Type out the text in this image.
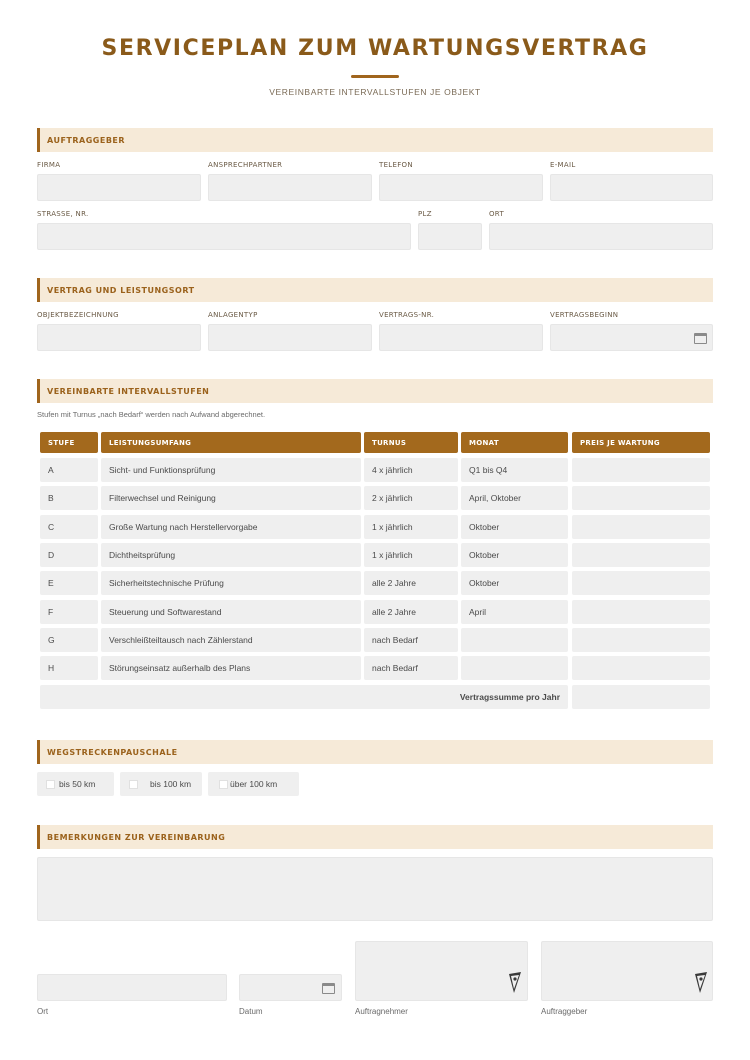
SERVICEPLAN ZUM WARTUNGSVERTRAG
VEREINBARTE INTERVALLSTUFEN JE OBJEKT
AUFTRAGGEBER
FIRMA	ANSPRECHPARTNER	TELEFON	E-MAIL
STRASSE, NR.	PLZ	ORT
VERTRAG UND LEISTUNGSORT
OBJEKTBEZEICHNUNG	ANLAGENTYP	VERTRAGS-NR.	VERTRAGSBEGINN
VEREINBARTE INTERVALLSTUFEN
Stufen mit Turnus „nach Bedarf“ werden nach Aufwand abgerechnet.
STUFE	LEISTUNGSUMFANG	TURNUS	MONAT	PREIS JE WARTUNG
A	Sicht- und Funktionsprüfung	4 x jährlich	Q1 bis Q4
B	Filterwechsel und Reinigung	2 x jährlich	April, Oktober
C	Große Wartung nach Herstellervorgabe	1 x jährlich	Oktober
D	Dichtheitsprüfung	1 x jährlich	Oktober
E	Sicherheitstechnische Prüfung	alle 2 Jahre	Oktober
F	Steuerung und Softwarestand	alle 2 Jahre	April
G	Verschleißteiltausch nach Zählerstand	nach Bedarf
H	Störungseinsatz außerhalb des Plans	nach Bedarf
Vertragssumme pro Jahr
WEGSTRECKENPAUSCHALE
bis 50 km	bis 100 km	über 100 km
BEMERKUNGEN ZUR VEREINBARUNG
Ort	Datum	Auftragnehmer	Auftraggeber
